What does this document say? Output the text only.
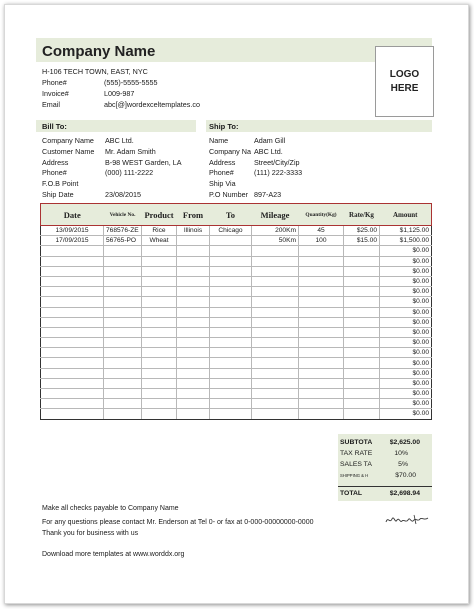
Company Name
H-106 TECH TOWN, EAST, NYC
Phone#	(555)-5555-5555
Invoice#	L009-987
Email	abc[@]wordexceltemplates.co
LOGO
HERE
Bill To:	Ship To:
Company Name	ABC Ltd.
Customer Name	Mr. Adam Smith
Address	B-98 WEST Garden, LA
Phone#	(000) 111-2222
F.O.B Point
Ship Date	23/08/2015
Name	Adam Gill
Company Na ABC Ltd.
Address	Street/City/Zip
Phone#	(111) 222-3333
Ship Via
P.O Number 897-A23
Date	Vehicle No.	Product	From	To	Mileage	Quantity(Kg)	Rate/Kg	Amount
13/09/2015	768576-ZE	Rice	Illinois	Chicago	200Km	45	$25.00	$1,125.00
17/09/2015	56765-PO	Wheat			50Km	100	$15.00	$1,500.00
								$0.00
								$0.00
								$0.00
								$0.00
								$0.00
								$0.00
								$0.00
								$0.00
								$0.00
								$0.00
								$0.00
								$0.00
								$0.00
								$0.00
								$0.00
								$0.00
								$0.00
SUBTOTA	$2,625.00
TAX RATE	10%
SALES TA	5%
SHIPPING & H	$70.00
TOTAL	$2,698.94
Make all checks payable to Company Name
For any questions please contact Mr. Enderson at Tel 0- or fax at 0-000-00000000-0000
Thank you for business with us
Download more templates at www.worddx.org
